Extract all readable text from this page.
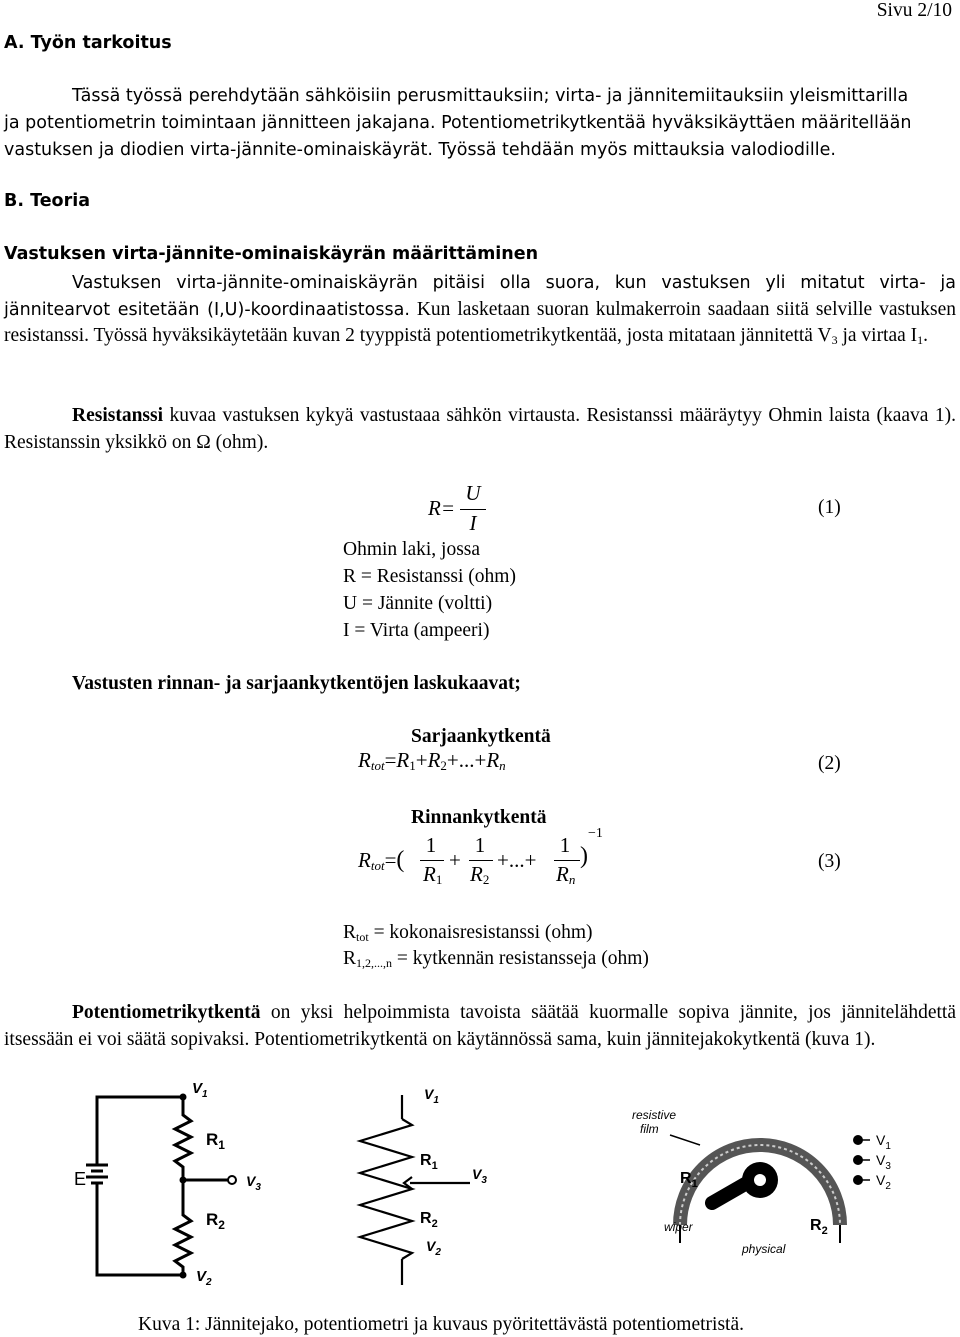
Sivu 2/10
A. Työn tarkoitus
Tässä työssä perehdytään sähköisiin perusmittauksiin; virta- ja jännitemiitauksiin yleismittarilla
ja potentiometrin toimintaan jännitteen jakajana. Potentiometrikytkentää hyväksikäyttäen määritellään
vastuksen ja diodien virta-jännite-ominaiskäyrät. Työssä tehdään myös mittauksia valodiodille.
B. Teoria
Vastuksen virta-jännite-ominaiskäyrän määrittäminen
Vastuksen virta-jännite-ominaiskäyrän pitäisi olla suora, kun vastuksen yli mitatut virta- ja jännitearvot esitetään (I,U)-koordinaatistossa. Kun lasketaan suoran kulmakerroin saadaan siitä selville vastuksen resistanssi. Työssä hyväksikäytetään kuvan 2 tyyppistä potentiometrikytkentää, josta mitataan jännitettä $V_3$ ja virtaa $I_1$.
Resistanssi kuvaa vastuksen kykyä vastustaaa sähkön virtausta. Resistanssi määräytyy Ohmin laista (kaava 1). Resistanssin yksikkö on Ω (ohm).
R=
U
I
(1)
Ohmin laki, jossa
R = Resistanssi (ohm)
U = Jännite (voltti)
I = Virta (ampeeri)
Vastusten rinnan- ja sarjaankytkentöjen laskukaavat;
Sarjaankytkentä
$R_{tot}=R_1+R_2+...+R_n$	(2)
Rinnankytkentä
$R_{tot}=$(
1
$R_1$
+
1
$R_2$
+...+
1
$R_n$
)
−1
(3)
$R_{tot}$ = kokonaisresistanssi (ohm)
$R_{1,2,...,n}$ = kytkennän resistansseja (ohm)
Potentiometrikytkentä on yksi helpoimmista tavoista säätää kuormalle sopiva jännite, jos jännitelähdettä itsessään ei voi säätä sopivaksi. Potentiometrikytkentä on käytännössä sama, kuin jännitejakokytkentä (kuva 1).
E
$V_1$
$R_1$
$V_3$
$R_2$
$V_2$
$V_1$
$R_1$ $V_3$
$R_2$
$V_2$
resistive
film
$V_1$
$V_3$
$V_2$
$R_1$
$R_2$
wiper
physical
Kuva 1: Jännitejako, potentiometri ja kuvaus pyöritettävästä potentiometristä.
